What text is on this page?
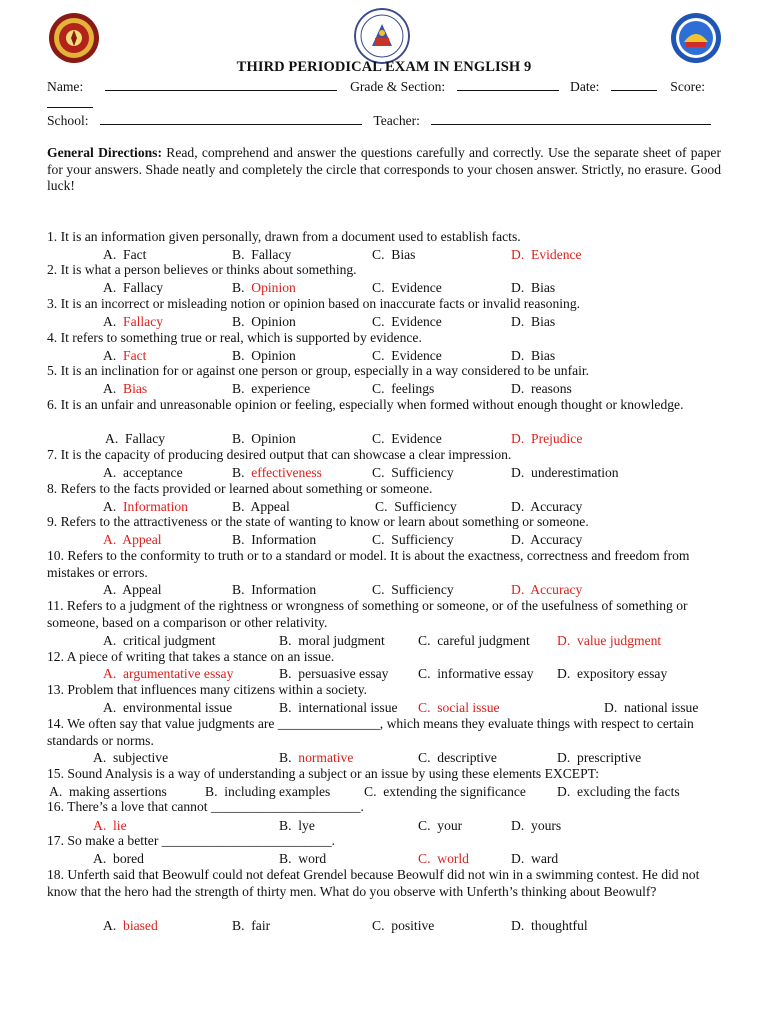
THIRD PERIODICAL EXAM IN ENGLISH 9
Name:	Grade & Section:	Date:	Score:
School:	Teacher:
General Directions: Read, comprehend and answer the questions carefully and correctly. Use the separate sheet of paper for your answers. Shade neatly and completely the circle that corresponds to your chosen answer. Strictly, no erasure. Good luck!
1. It is an information given personally, drawn from a document used to establish facts.
A. Fact	B. Fallacy	C. Bias	D. Evidence
2. It is what a person believes or thinks about something.
A. Fallacy	B. Opinion	C. Evidence	D. Bias
3. It is an incorrect or misleading notion or opinion based on inaccurate facts or invalid reasoning.
A. Fallacy	B. Opinion	C. Evidence	D. Bias
4. It refers to something true or real, which is supported by evidence.
A. Fact	B. Opinion	C. Evidence	D. Bias
5. It is an inclination for or against one person or group, especially in a way considered to be unfair.
A. Bias	B. experience	C. feelings	D. reasons
6. It is an unfair and unreasonable opinion or feeling, especially when formed without enough thought or knowledge.
A. Fallacy	B. Opinion	C. Evidence	D. Prejudice
7. It is the capacity of producing desired output that can showcase a clear impression.
A. acceptance	B. effectiveness	C. Sufficiency	D. underestimation
8. Refers to the facts provided or learned about something or someone.
A. Information	B. Appeal	C. Sufficiency	D. Accuracy
9. Refers to the attractiveness or the state of wanting to know or learn about something or someone.
A. Appeal	B. Information	C. Sufficiency	D. Accuracy
10. Refers to the conformity to truth or to a standard or model. It is about the exactness, correctness and freedom from mistakes or errors.
A. Appeal	B. Information	C. Sufficiency	D. Accuracy
11. Refers to a judgment of the rightness or wrongness of something or someone, or of the usefulness of something or someone, based on a comparison or other relativity.
A. critical judgment	B. moral judgment C. careful judgment D. value judgment
12. A piece of writing that takes a stance on an issue.
A. argumentative essay	B. persuasive essay C. informative essay D. expository essay
13. Problem that influences many citizens within a society.
A. environmental issue	B. international issue C. social issue	D. national issue
14. We often say that value judgments are _______________, which means they evaluate things with respect to certain standards or norms.
A. subjective	B. normative	C. descriptive	D. prescriptive
15. Sound Analysis is a way of understanding a subject or an issue by using these elements EXCEPT:
A. making assertions	B. including examples C. extending the significance D. excluding the facts
16. There’s a love that cannot ______________________.
A. lie	B. lye	C. your	D. yours
17. So make a better _________________________.
A. bored	B. word	C. world	D. ward
18. Unferth said that Beowulf could not defeat Grendel because Beowulf did not win in a swimming contest. He did not know that the hero had the strength of thirty men. What do you observe with Unferth’s thinking about Beowulf?
A. biased	B. fair	C. positive	D. thoughtful
